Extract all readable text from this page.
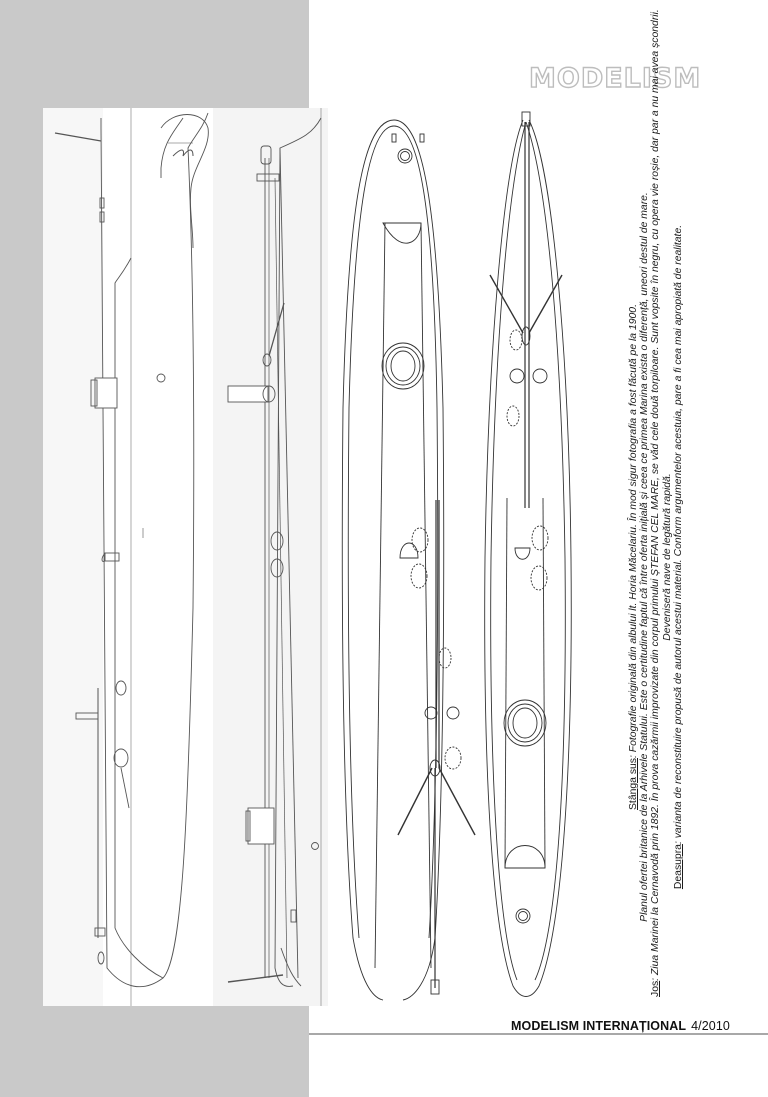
MODELISM

Stânga sus: Fotografie originală din albului lt. Horia Măcelariu. În mod sigur fotografia a fost făcută pe la 1900. Planul ofertei britanice de la Arhivele Statului. Este o certitudine faptul că între oferta inițială și ceea ce primea Marina exista o diferență, uneori destul de mare.

Jos: Ziua Marinei la Cernavodă prin 1892. În prova cazărmii improvizate din corpul primului ȘTEFAN CEL MARE, se văd cele două torpiloare. Sunt vopsite în negru, cu opera vie roșie, dar par a nu mai avea școndrii. Deveniseră nave de legătură rapidă.

Deasupra: varianta de reconstituire propusă de autorul acestui material. Conform argumentelor acestuia, pare a fi cea mai apropiată de realitate.

MODELISM INTERNAȚIONAL 4/2010
